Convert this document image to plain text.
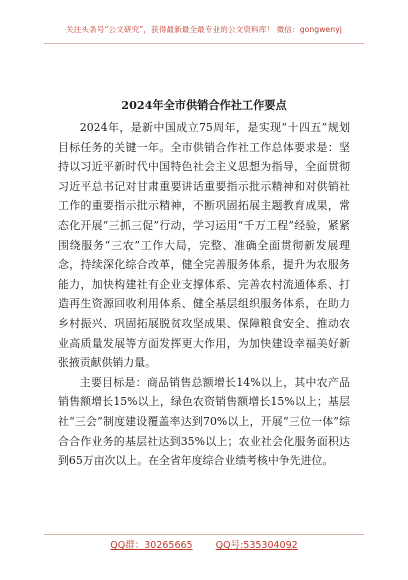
关注头条号“公文研究”，获得最新最全最专业的公文资料库！ 微信：gongwenyj
2024年全市供销合作社工作要点

2024年，是新中国成立75周年，是实现“十四五”规划目标任务的关键一年。全市供销合作社工作总体要求是：坚持以习近平新时代中国特色社会主义思想为指导，全面贯彻习近平总书记对甘肃重要讲话重要指示批示精神和对供销社工作的重要指示批示精神，不断巩固拓展主题教育成果，常态化开展“三抓三促”行动，学习运用“千万工程”经验，紧紧围绕服务“三农”工作大局，完整、准确全面贯彻新发展理念，持续深化综合改革，健全完善服务体系，提升为农服务能力，加快构建社有企业支撑体系、完善农村流通体系、打造再生资源回收利用体系、健全基层组织服务体系，在助力乡村振兴、巩固拓展脱贫攻坚成果、保障粮食安全、推动农业高质量发展等方面发挥更大作用，为加快建设幸福美好新张掖贡献供销力量。

主要目标是：商品销售总额增长14%以上，其中农产品销售额增长15%以上，绿色农资销售额增长15%以上；基层社“三会”制度建设覆盖率达到70%以上，开展“三位一体”综合合作业务的基层社达到35%以上；农业社会化服务面积达到65万亩次以上。在全省年度综合业绩考核中争先进位。

QQ群：30265665 QQ号:535304092
